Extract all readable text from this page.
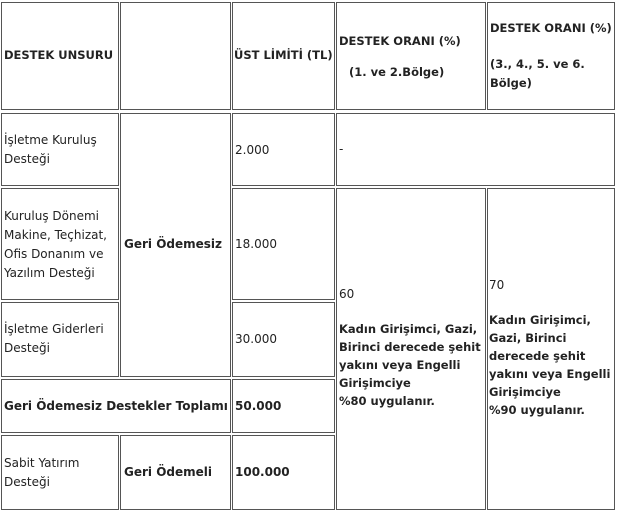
DESTEK UNSURU	ÜST LİMİTİ (TL)
DESTEK ORANI (%)
(1. ve 2.Bölge)
DESTEK ORANI (%)
(3., 4., 5. ve 6.
Bölge)
İşletme Kuruluş
Desteği
2.000	-
Geri Ödemesiz
Kuruluş Dönemi
Makine, Teçhizat,
Ofis Donanım ve
Yazılım Desteği
18.000
60
Kadın Girişimci, Gazi,
Birinci derecede şehit
yakını veya Engelli
Girişimciye
%80 uygulanır.
70
Kadın Girişimci,
Gazi, Birinci
derecede şehit
yakını veya Engelli
Girişimciye
%90 uygulanır.
İşletme Giderleri
Desteği
30.000
Geri Ödemesiz Destekler Toplamı 50.000
Sabit Yatırım
Desteği
Geri Ödemeli 100.000
